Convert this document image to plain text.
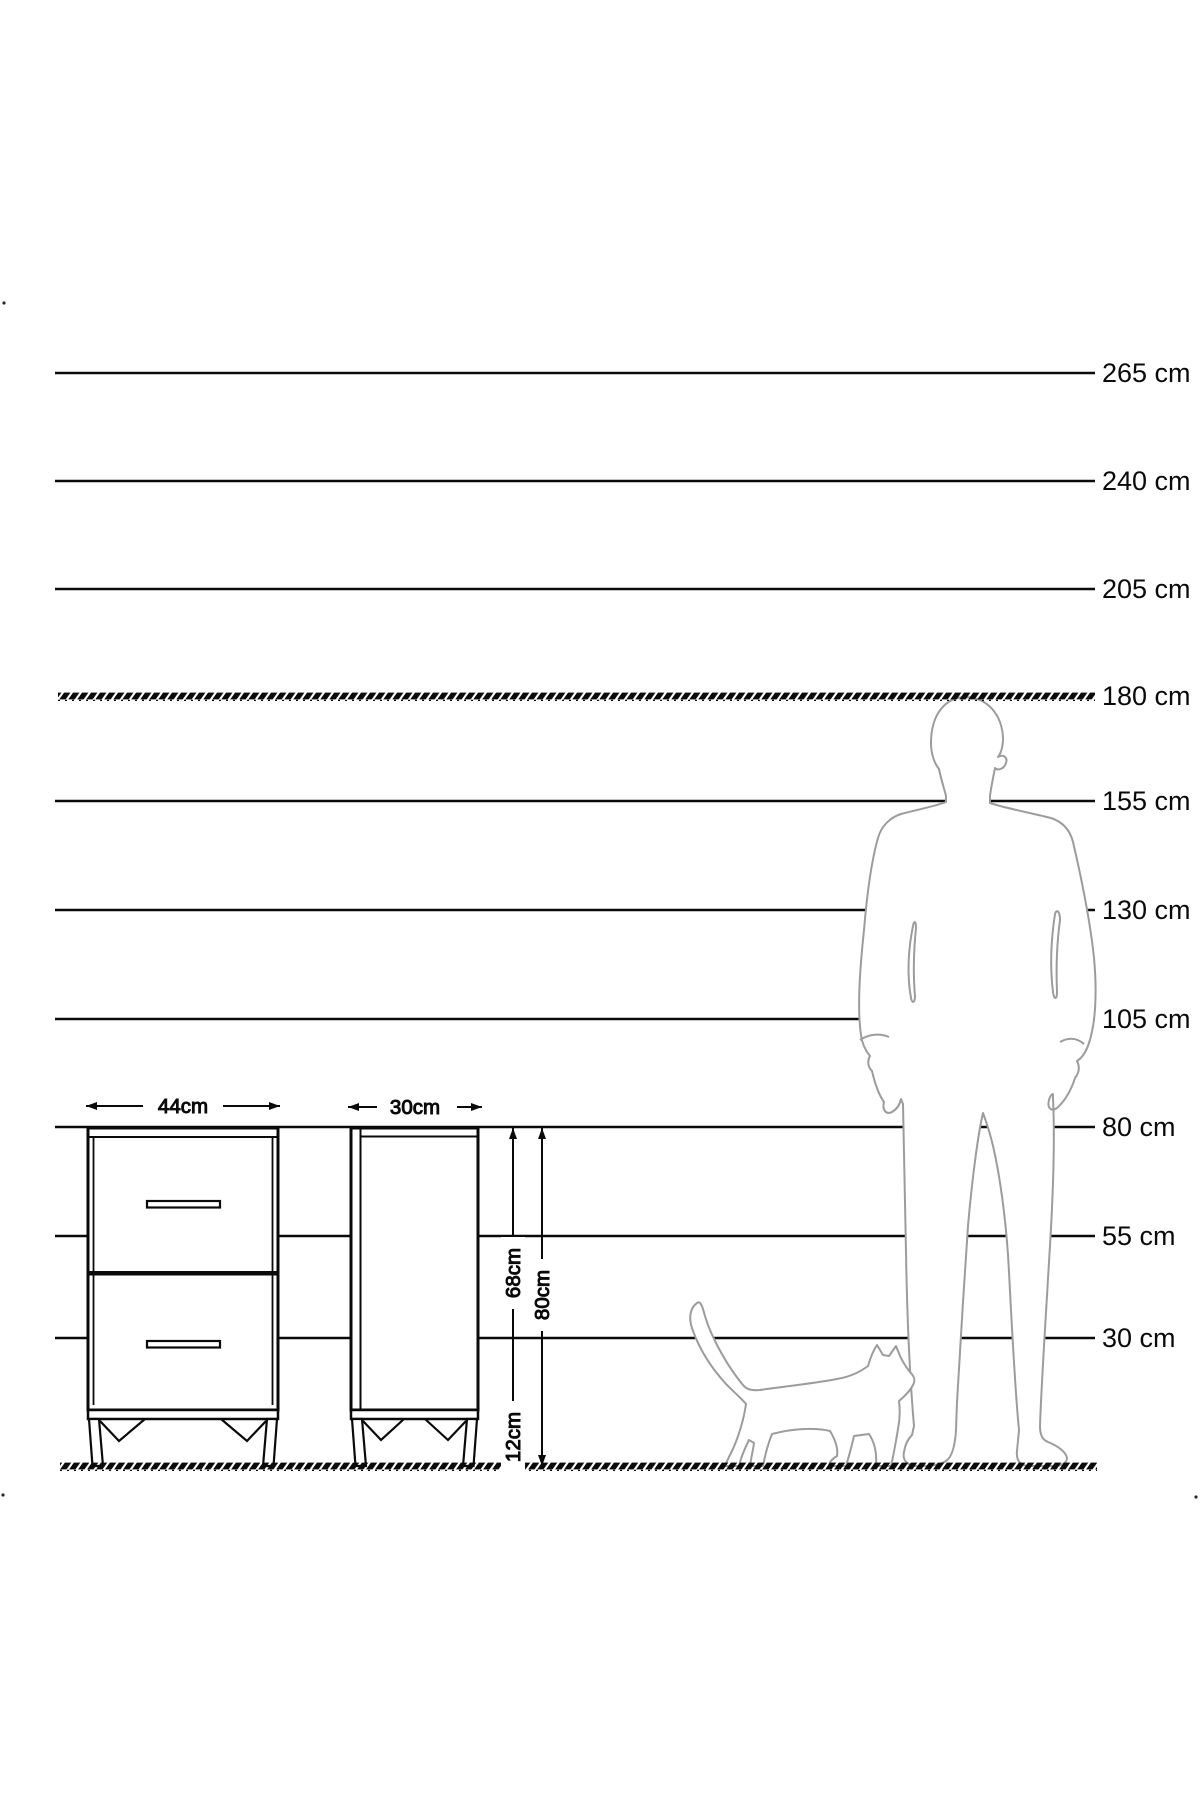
44cm	30cm
68cm
12cm
80cm
265 cm
240 cm
205 cm
180 cm
155 cm
130 cm
105 cm
80 cm
55 cm
30 cm
